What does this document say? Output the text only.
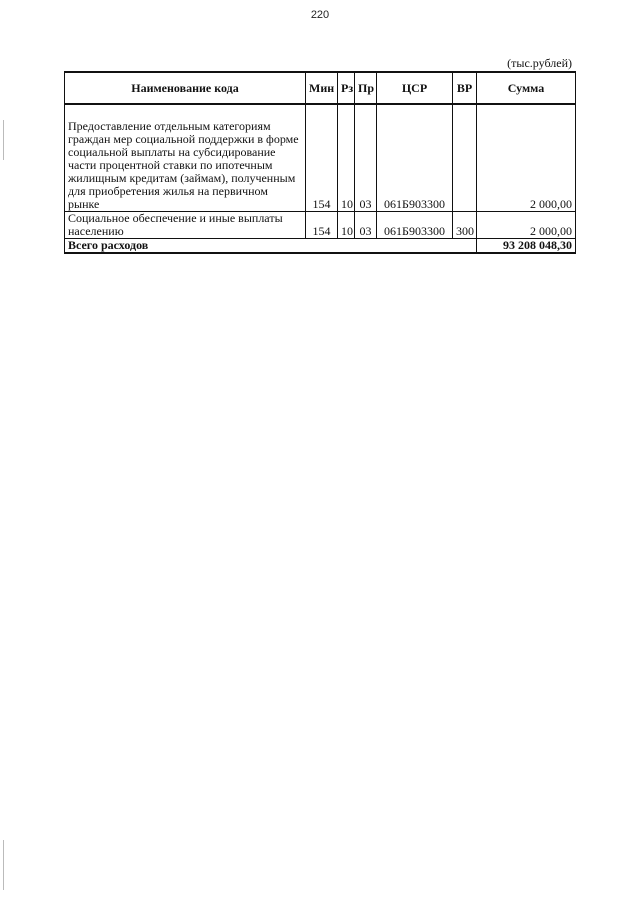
220
(тыс.рублей)
Наименование кода	Мин	Рз	Пр	ЦСР	ВР	Сумма
Предоставление отдельным категориям граждан мер социальной поддержки в форме социальной выплаты на субсидирование части процентной ставки по ипотечным жилищным кредитам (займам), полученным для приобретения жилья на первичном рынке	154	10	03	061Б903300		2 000,00
Социальное обеспечение и иные выплаты населению	154	10	03	061Б903300	300	2 000,00
Всего расходов						93 208 048,30
